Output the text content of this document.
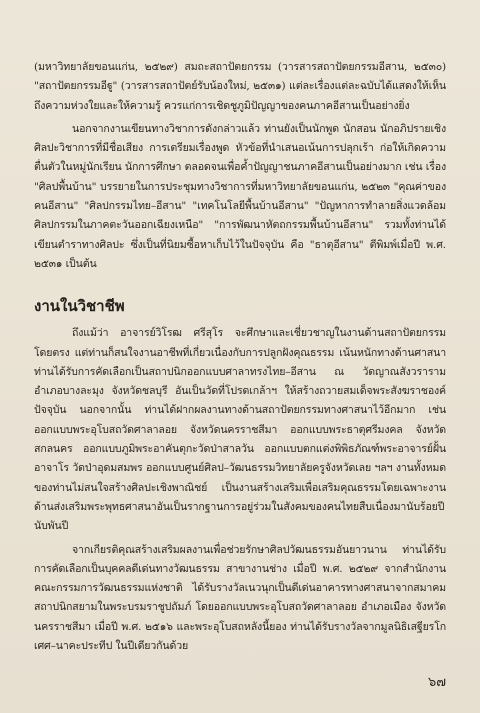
(มหาวิทยาลัยขอนแก่น, ๒๕๒๙) สมถะสถาปัตยกรรม (วารสารสถาปัตยกรรมอีสาน, ๒๕๓๐) "สถาปัตยกรรมอีฐู" (วารสารสถาปัตย์รับน้องใหม่, ๒๕๓๑) แต่ละเรื่องแต่ละฉบับได้แสดงให้เห็นถึงความห่วงใยและให้ความรู้ ควรแก่การเชิดชูภูมิปัญญาของคนภาคอีสานเป็นอย่างยิ่ง

นอกจากงานเขียนทางวิชาการดังกล่าวแล้ว ท่านยังเป็นนักพูด นักสอน นักอภิปรายเชิงศิลปะวิชาการที่มีชื่อเสียง การเตรียมเรื่องพูด หัวข้อที่นำเสนอเน้นการปลุกเร้า ก่อให้เกิดความตื่นตัวในหมู่นักเรียน นักการศึกษา ตลอดจนเพื่อค้ำปัญญาชนภาคอีสานเป็นอย่างมาก เช่น เรื่อง "ศิลปพื้นบ้าน" บรรยายในการประชุมทางวิชาการที่มหาวิทยาลัยขอนแก่น, ๒๕๒๓ "คุณค่าของคนอีสาน" "ศิลปกรรมไทย–อีสาน" "เทคโนโลยีพื้นบ้านอีสาน" "ปัญหาการทำลายสิ่งแวดล้อมศิลปกรรมในภาคตะวันออกเฉียงเหนือ" "การพัฒนาหัตถกรรมพื้นบ้านอีสาน" รวมทั้งท่านได้เขียนตำราทางศิลปะ ซึ่งเป็นที่นิยมซื้อหาเก็บไว้ในปัจจุบัน คือ "ธาตุอีสาน" ตีพิมพ์เมื่อปี พ.ศ. ๒๕๓๑ เป็นต้น

งานในวิชาชีพ

ถึงแม้ว่า อาจารย์วิโรฒ ศรีสุโร จะศึกษาและเชี่ยวชาญในงานด้านสถาปัตยกรรมโดยตรง แต่ท่านก็สนใจงานอาชีพที่เกี่ยวเนื่องกับการปลูกฝังคุณธรรม เน้นหนักทางด้านศาสนา ท่านได้รับการคัดเลือกเป็นสถาปนิกออกแบบศาลาทรงไทย–อีสาน ณ วัดญาณสังวราราม อำเภอบางละมุง จังหวัดชลบุรี อันเป็นวัดที่โปรดเกล้าฯ ให้สร้างถวายสมเด็จพระสังฆราชองค์ปัจจุบัน นอกจากนั้น ท่านได้ฝากผลงานทางด้านสถาปัตยกรรมทางศาสนาไว้อีกมาก เช่น ออกแบบพระอุโบสถวัดศาลาลอย จังหวัดนครราชสีมา ออกแบบพระธาตุศรีมงคล จังหวัดสกลนคร ออกแบบภูมิพระอาคันตุกะวัดป่าสาลวัน ออกแบบตกแต่งพิพิธภัณฑ์พระอาจารย์ฝั้น อาจาโร วัดป่าอุดมสมพร ออกแบบศูนย์ศิลป–วัฒนธรรมวิทยาลัยครูจังหวัดเลย ฯลฯ งานทั้งหมดของท่านไม่สนใจสร้างศิลปะเชิงพาณิชย์ เป็นงานสร้างเสริมเพื่อเสริมคุณธรรมโดยเฉพาะงานด้านส่งเสริมพระพุทธศาสนาอันเป็นรากฐานการอยู่ร่วมในสังคมของคนไทยสืบเนื่องมานับร้อยปีนับพันปี

จากเกียรติคุณสร้างเสริมผลงานเพื่อช่วยรักษาศิลปวัฒนธรรมอันยาวนาน ท่านได้รับการคัดเลือกเป็นบุคคลดีเด่นทางวัฒนธรรม สาขางานช่าง เมื่อปี พ.ศ. ๒๕๒๙ จากสำนักงานคณะกรรมการวัฒนธรรมแห่งชาติ ได้รับรางวัลเนวนุกเป็นดีเด่นอาคารทางศาสนาจากสมาคมสถาปนิกสยามในพระบรมราชูปถัมภ์ โดยออกแบบพระอุโบสถวัดศาลาลอย อำเภอเมือง จังหวัดนครราชสีมา เมื่อปี พ.ศ. ๒๕๑๖ และพระอุโบสถหลังนี้ยอง ท่านได้รับรางวัลจากมูลนิธิเสฐียรโกเศศ–นาคะประทีป ในปีเดียวกันด้วย

๖๗
